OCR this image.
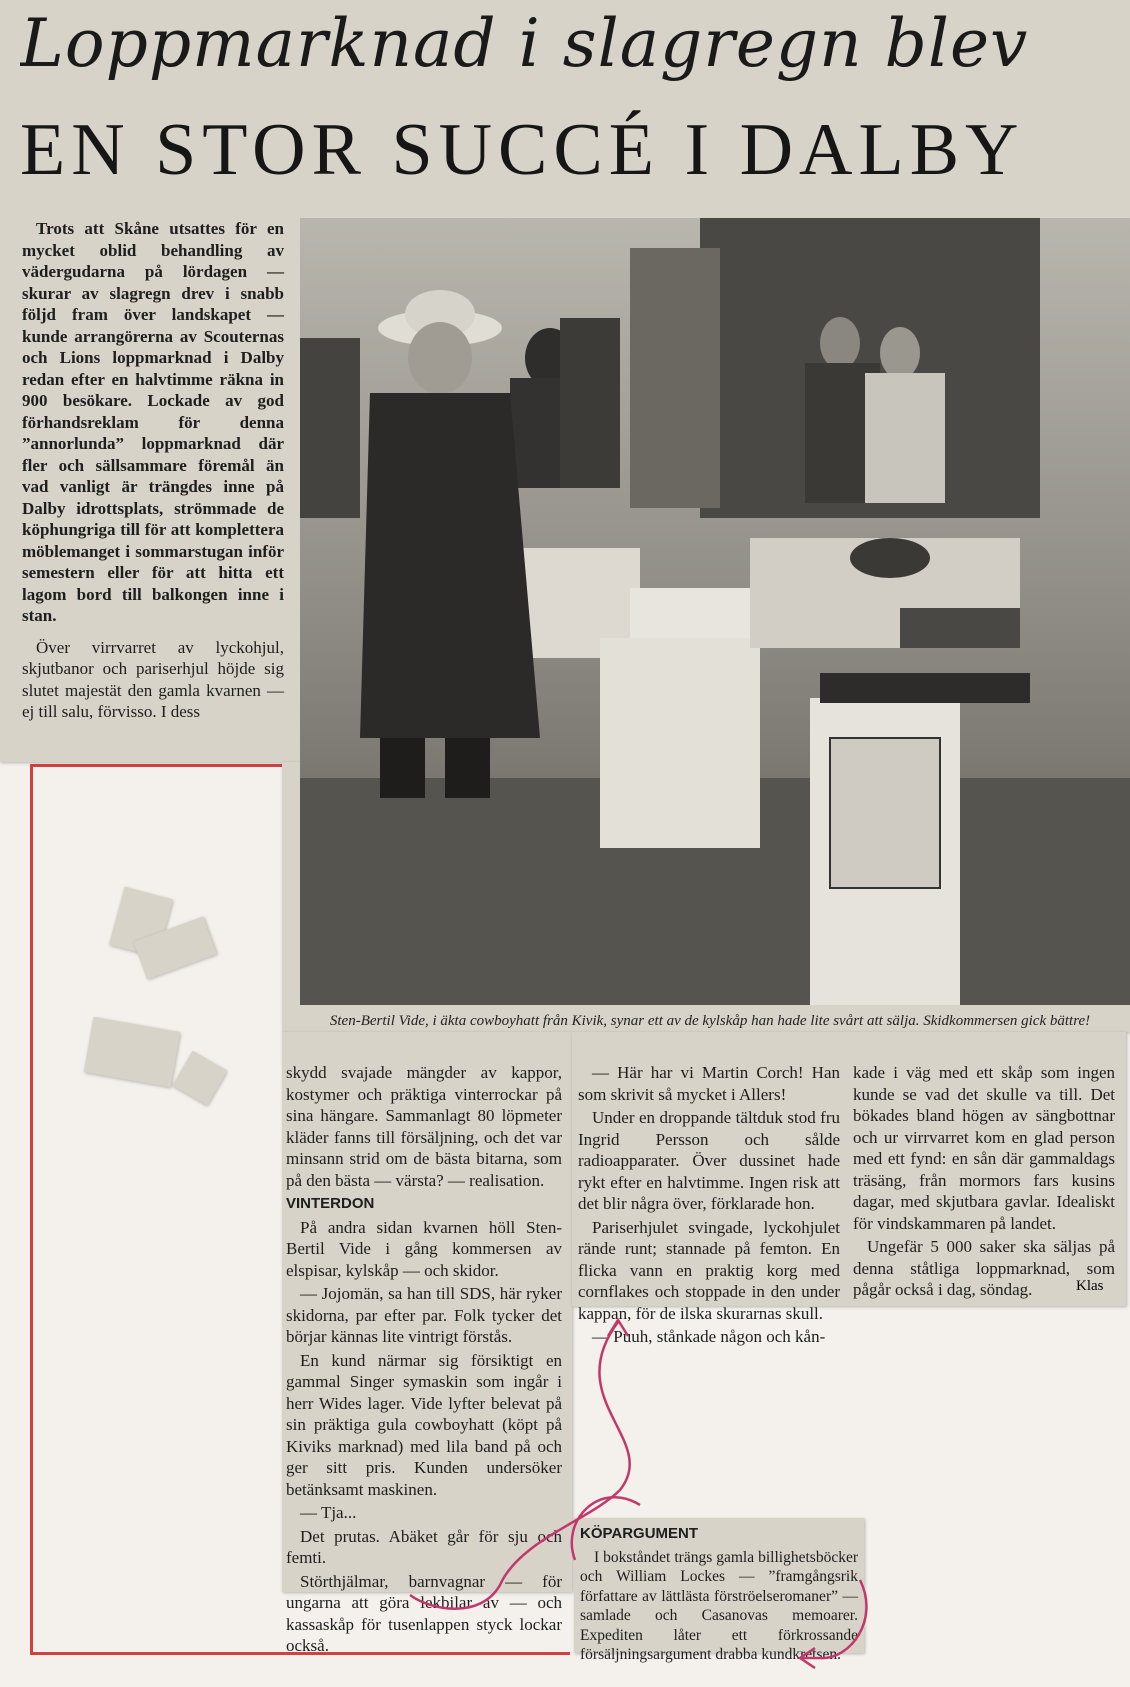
Loppmarknad i slagregn blev
EN STOR SUCCÉ I DALBY

Trots att Skåne utsattes för en mycket oblid behandling av vädergudarna på lördagen — skurar av slagregn drev i snabb följd fram över landskapet — kunde arrangörerna av Scouternas och Lions loppmarknad i Dalby redan efter en halvtimme räkna in 900 besökare. Lockade av god förhandsreklam för denna ”annorlunda” loppmarknad där fler och sällsammare föremål än vad vanligt är trängdes inne på Dalby idrottsplats, strömmade de köphungriga till för att komplettera möblemanget i sommarstugan inför semestern eller för att hitta ett lagom bord till balkongen inne i stan.

Över virrvarret av lyckohjul, skjutbanor och pariserhjul höjde sig slutet majestät den gamla kvarnen — ej till salu, förvisso. I dess

Sten-Bertil Vide, i äkta cowboyhatt från Kivik, synar ett av de kylskåp han hade lite svårt att sälja. Skidkommersen gick bättre!

skydd svajade mängder av kappor, kostymer och präktiga vinterrockar på sina hängare. Sammanlagt 80 löpmeter kläder fanns till försäljning, och det var minsann strid om de bästa bitarna, som på den bästa — värsta? — realisation.

VINTERDON

På andra sidan kvarnen höll Sten-Bertil Vide i gång kommersen av elspisar, kylskåp — och skidor.

— Jojomän, sa han till SDS, här ryker skidorna, par efter par. Folk tycker det börjar kännas lite vintrigt förstås.

En kund närmar sig försiktigt en gammal Singer symaskin som ingår i herr Wides lager. Vide lyfter belevat på sin präktiga gula cowboyhatt (köpt på Kiviks marknad) med lila band på och ger sitt pris. Kunden undersöker betänksamt maskinen.

— Tja...

Det prutas. Abäket går för sju och femti.

Störthjälmar, barnvagnar — för ungarna att göra lekbilar av — och kassaskåp för tusenlappen styck lockar också.

— Här har vi Martin Corch! Han som skrivit så mycket i Allers!

Under en droppande tältduk stod fru Ingrid Persson och sålde radioapparater. Över dussinet hade rykt efter en halvtimme. Ingen risk att det blir några över, förklarade hon.

Pariserhjulet svingade, lyckohjulet rände runt; stannade på femton. En flicka vann en praktig korg med cornflakes och stoppade in den under kappan, för de ilska skurarnas skull.

— Puuh, stånkade någon och kån-

kade i väg med ett skåp som ingen kunde se vad det skulle va till. Det bökades bland högen av sängbottnar och ur virrvarret kom en glad person med ett fynd: en sån där gammaldags träsäng, från mormors fars kusins dagar, med skjutbara gavlar. Idealiskt för vindskammaren på landet.

Ungefär 5 000 saker ska säljas på denna ståtliga loppmarknad, som pågår också i dag, söndag.	Klas

KÖPARGUMENT

I bokståndet trängs gamla billighetsböcker och William Lockes — ”framgångsrik författare av lättlästa förströelseromaner” — samlade och Casanovas memoarer. Expediten låter ett förkrossande försäljningsargument drabba kundkretsen.
